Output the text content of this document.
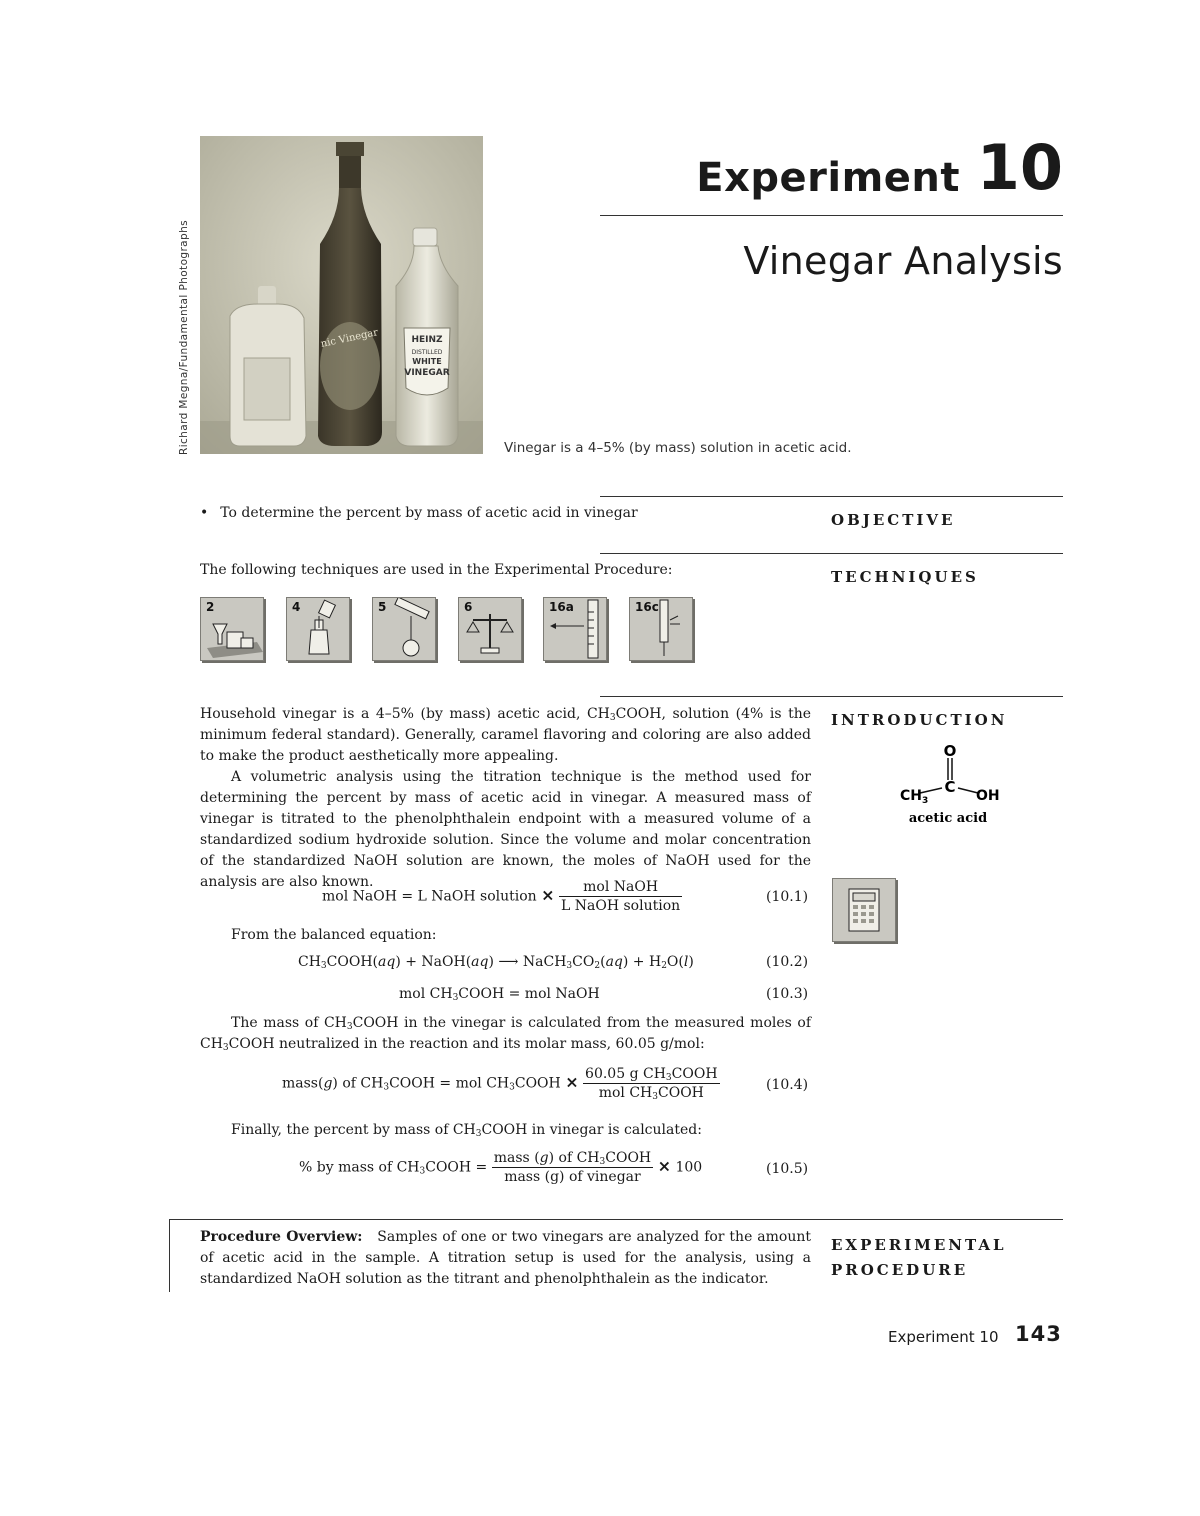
nic Vinegar	HEINZ
DISTILLED
WHITE
VINEGAR
Richard Megna/Fundamental Photographs
Experiment 10
Vinegar Analysis
Vinegar is a 4–5% (by mass) solution in acetic acid.
OBJECTIVE
• To determine the percent by mass of acetic acid in vinegar
TECHNIQUES
The following techniques are used in the Experimental Procedure:
2	4	5	6	16a	16c
INTRODUCTION
O
C
$CH_3$	OH
acetic acid

Household vinegar is a 4–5% (by mass) acetic acid, $CH_3COOH$, solution (4% is the minimum federal standard). Generally, caramel flavoring and coloring are also added to make the product aesthetically more appealing.

A volumetric analysis using the titration technique is the method used for determining the percent by mass of acetic acid in vinegar. A measured mass of vinegar is titrated to the phenolphthalein endpoint with a measured volume of a standardized sodium hydroxide solution. Since the volume and molar concentration of the standardized NaOH solution are known, the moles of NaOH used for the analysis are also known.

mol NaOH = L NaOH solution × $\frac{\text{mol NaOH}}{\text{L NaOH solution}}$	(10.1)
From the balanced equation:
$CH_3COOH(aq)$ + NaOH(aq) ⟶ $NaCH_3CO_2(aq) + H_2O(l)$	(10.2)
mol $CH_3COOH$ = mol NaOH	(10.3)

The mass of $CH_3COOH$ in the vinegar is calculated from the measured moles of $CH_3COOH$ neutralized in the reaction and its molar mass, 60.05 g/mol:

mass(g) of $CH_3COOH$ = mol $CH_3COOH \times \frac{60.05 g CH_3COOH}{mol CH_3COOH}$	(10.4)
Finally, the percent by mass of $CH_3COOH$ in vinegar is calculated:
% by mass of $CH_3COOH = \frac{mass (g) of CH_3COOH}{\text{mass (g) of vinegar}} \times 100$	(10.5)
EXPERIMENTAL
PROCEDURE

Procedure Overview: Samples of one or two vinegars are analyzed for the amount of acetic acid in the sample. A titration setup is used for the analysis, using a standardized NaOH solution as the titrant and phenolphthalein as the indicator.

Experiment 10 143
